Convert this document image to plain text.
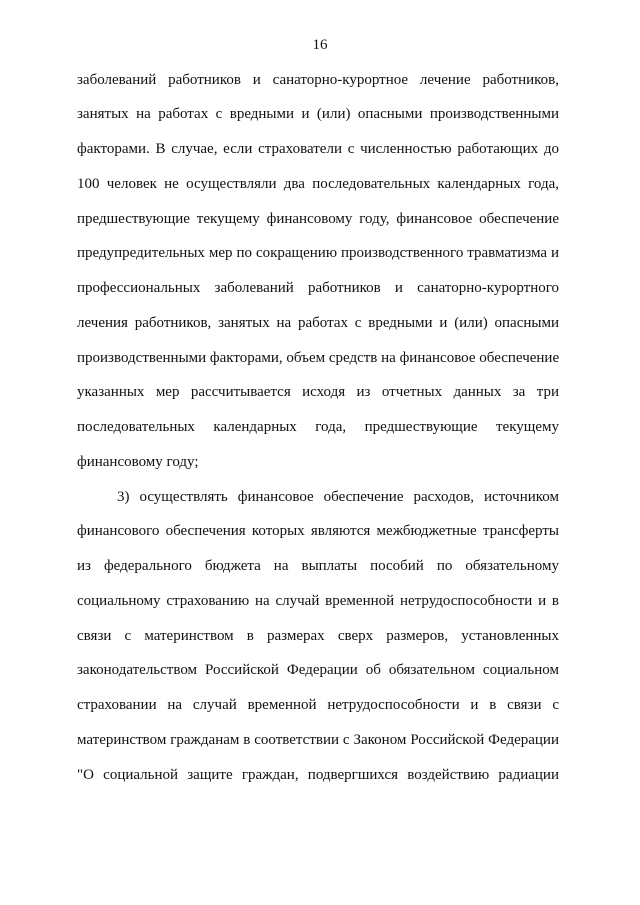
16
заболеваний работников и санаторно-курортное лечение работников,
занятых на работах с вредными и (или) опасными производственными
факторами. В случае, если страхователи с численностью работающих до
100 человек не осуществляли два последовательных календарных года,
предшествующие текущему финансовому году, финансовое обеспечение
предупредительных мер по сокращению производственного травматизма и
профессиональных заболеваний работников и санаторно-курортного
лечения работников, занятых на работах с вредными и (или) опасными
производственными факторами, объем средств на финансовое обеспечение
указанных мер рассчитывается исходя из отчетных данных за три
последовательных календарных года, предшествующие текущему
финансовому году;
3) осуществлять финансовое обеспечение расходов, источником
финансового обеспечения которых являются межбюджетные трансферты
из федерального бюджета на выплаты пособий по обязательному
социальному страхованию на случай временной нетрудоспособности и в
связи с материнством в размерах сверх размеров, установленных
законодательством Российской Федерации об обязательном социальном
страховании на случай временной нетрудоспособности и в связи с
материнством гражданам в соответствии с Законом Российской Федерации
"О социальной защите граждан, подвергшихся воздействию радиации
